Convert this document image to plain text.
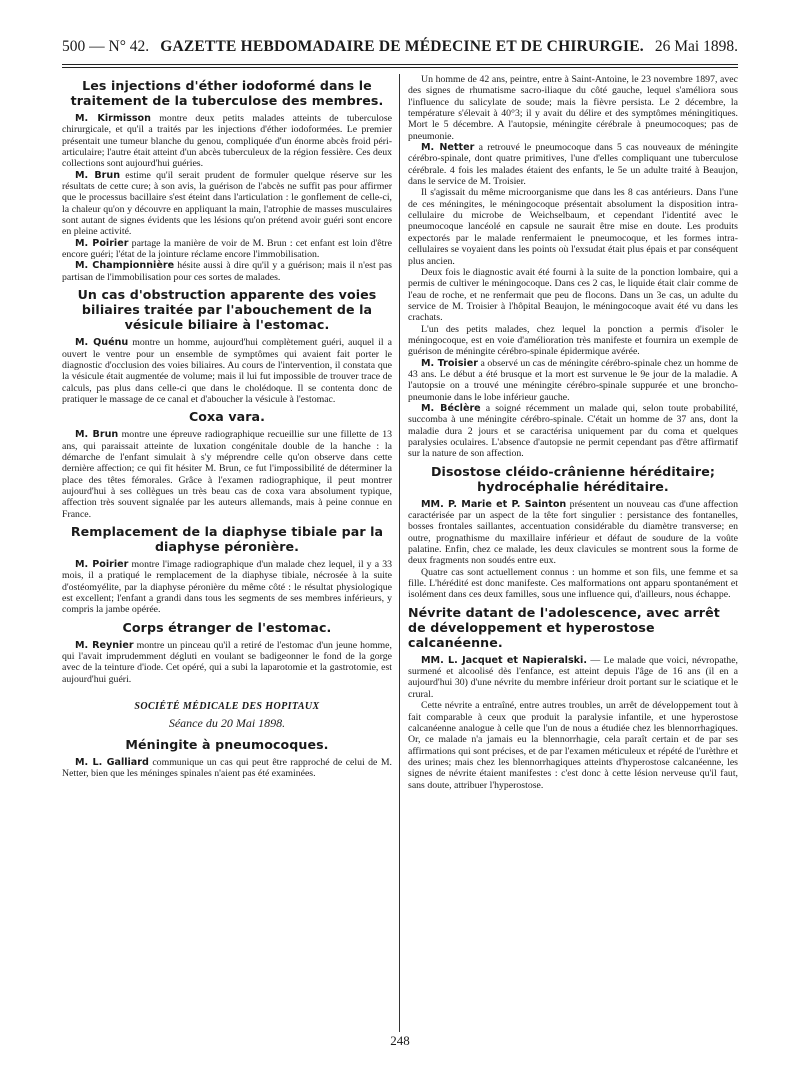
500 — N° 42. GAZETTE HEBDOMADAIRE DE MÉDECINE ET DE CHIRURGIE. 26 Mai 1898.
Les injections d'éther iodoformé dans le traitement de la tuberculose des membres.

M. Kirmisson montre deux petits malades atteints de tuberculose chirurgicale, et qu'il a traités par les injections d'éther iodoformées. Le premier présentait une tumeur blanche du genou, compliquée d'un énorme abcès froid péri-articulaire; l'autre était atteint d'un abcès tuberculeux de la région fessière. Ces deux collections sont aujourd'hui guéries.

M. Brun estime qu'il serait prudent de formuler quelque réserve sur les résultats de cette cure; à son avis, la guérison de l'abcès ne suffit pas pour affirmer que le processus bacillaire s'est éteint dans l'articulation : le gonflement de celle-ci, la chaleur qu'on y découvre en appliquant la main, l'atrophie de masses musculaires sont autant de signes évidents que les lésions qu'on prétend avoir guéri sont encore en pleine activité.

M. Poirier partage la manière de voir de M. Brun : cet enfant est loin d'être encore guéri; l'état de la jointure réclame encore l'immobilisation.

M. Championnière hésite aussi à dire qu'il y a guérison; mais il n'est pas partisan de l'immobilisation pour ces sortes de malades.

Un cas d'obstruction apparente des voies biliaires traitée par l'abouchement de la vésicule biliaire à l'estomac.

M. Quénu montre un homme, aujourd'hui complètement guéri, auquel il a ouvert le ventre pour un ensemble de symptômes qui avaient fait porter le diagnostic d'occlusion des voies biliaires. Au cours de l'intervention, il constata que la vésicule était augmentée de volume; mais il lui fut impossible de trouver trace de calculs, pas plus dans celle-ci que dans le cholédoque. Il se contenta donc de pratiquer le massage de ce canal et d'aboucher la vésicule à l'estomac.

Coxa vara.

M. Brun montre une épreuve radiographique recueillie sur une fillette de 13 ans, qui paraissait atteinte de luxation congénitale double de la hanche : la démarche de l'enfant simulait à s'y méprendre celle qu'on observe dans cette dernière affection; ce qui fit hésiter M. Brun, ce fut l'impossibilité de déterminer la place des têtes fémorales. Grâce à l'examen radiographique, il peut montrer aujourd'hui à ses collègues un très beau cas de coxa vara absolument typique, affection très souvent signalée par les auteurs allemands, mais à peine connue en France.

Remplacement de la diaphyse tibiale par la diaphyse péronière.

M. Poirier montre l'image radiographique d'un malade chez lequel, il y a 33 mois, il a pratiqué le remplacement de la diaphyse tibiale, nécrosée à la suite d'ostéomyélite, par la diaphyse péronière du même côté : le résultat physiologique est excellent; l'enfant a grandi dans tous les segments de ses membres inférieurs, y compris la jambe opérée.

Corps étranger de l'estomac.

M. Reynier montre un pinceau qu'il a retiré de l'estomac d'un jeune homme, qui l'avait imprudemment dégluti en voulant se badigeonner le fond de la gorge avec de la teinture d'iode. Cet opéré, qui a subi la laparotomie et la gastrotomie, est aujourd'hui guéri.

SOCIÉTÉ MÉDICALE DES HOPITAUX
Séance du 20 Mai 1898.
Méningite à pneumocoques.

M. L. Galliard communique un cas qui peut être rapproché de celui de M. Netter, bien que les méninges spinales n'aient pas été examinées.

Un homme de 42 ans, peintre, entre à Saint-Antoine, le 23 novembre 1897, avec des signes de rhumatisme sacro-iliaque du côté gauche, lequel s'améliora sous l'influence du salicylate de soude; mais la fièvre persista. Le 2 décembre, la température s'élevait à 40°3; il y avait du délire et des symptômes méningitiques. Mort le 5 décembre. A l'autopsie, méningite cérébrale à pneumocoques; pas de pneumonie.

M. Netter a retrouvé le pneumocoque dans 5 cas nouveaux de méningite cérébro-spinale, dont quatre primitives, l'une d'elles compliquant une tuberculose cérébrale. 4 fois les malades étaient des enfants, le 5e un adulte traité à Beaujon, dans le service de M. Troisier.

Il s'agissait du même microorganisme que dans les 8 cas antérieurs. Dans l'une de ces méningites, le méningocoque présentait absolument la disposition intra-cellulaire du microbe de Weichselbaum, et cependant l'identité avec le pneumocoque lancéolé en capsule ne saurait être mise en doute. Les produits expectorés par le malade renfermaient le pneumocoque, et les formes intra-cellulaires se voyaient dans les points où l'exsudat était plus épais et par conséquent plus ancien.

Deux fois le diagnostic avait été fourni à la suite de la ponction lombaire, qui a permis de cultiver le méningocoque. Dans ces 2 cas, le liquide était clair comme de l'eau de roche, et ne renfermait que peu de flocons. Dans un 3e cas, un adulte du service de M. Troisier à l'hôpital Beaujon, le méningocoque avait été vu dans les crachats.

L'un des petits malades, chez lequel la ponction a permis d'isoler le méningocoque, est en voie d'amélioration très manifeste et fournira un exemple de guérison de méningite cérébro-spinale épidermique avérée.

M. Troisier a observé un cas de méningite cérébro-spinale chez un homme de 43 ans. Le début a été brusque et la mort est survenue le 9e jour de la maladie. A l'autopsie on a trouvé une méningite cérébro-spinale suppurée et une broncho-pneumonie dans le lobe inférieur gauche.

M. Béclère a soigné récemment un malade qui, selon toute probabilité, succomba à une méningite cérébro-spinale. C'était un homme de 37 ans, dont la maladie dura 2 jours et se caractérisa uniquement par du coma et quelques paralysies oculaires. L'absence d'autopsie ne permit cependant pas d'être affirmatif sur la nature de son affection.

Disostose cléido-crânienne héréditaire; hydrocéphalie héréditaire.

MM. P. Marie et P. Sainton présentent un nouveau cas d'une affection caractérisée par un aspect de la tête fort singulier : persistance des fontanelles, bosses frontales saillantes, accentuation considérable du diamètre transverse; en outre, prognathisme du maxillaire inférieur et défaut de soudure de la voûte palatine. Enfin, chez ce malade, les deux clavicules se montrent sous la forme de deux fragments non soudés entre eux.

Quatre cas sont actuellement connus : un homme et son fils, une femme et sa fille. L'hérédité est donc manifeste. Ces malformations ont apparu spontanément et isolément dans ces deux familles, sous une influence qui, d'ailleurs, nous échappe.

Névrite datant de l'adolescence, avec arrêt de développement et hyperostose calcanéenne.

MM. L. Jacquet et Napieralski. — Le malade que voici, névropathe, surmené et alcoolisé dès l'enfance, est atteint depuis l'âge de 16 ans (il en a aujourd'hui 30) d'une névrite du membre inférieur droit portant sur le sciatique et le crural.

Cette névrite a entraîné, entre autres troubles, un arrêt de développement tout à fait comparable à ceux que produit la paralysie infantile, et une hyperostose calcanéenne analogue à celle que l'un de nous a étudiée chez les blennorrhagiques. Or, ce malade n'a jamais eu la blennorrhagie, cela paraît certain et de par ses affirmations qui sont précises, et de par l'examen méticuleux et répété de l'urèthre et des urines; mais chez les blennorrhagiques atteints d'hyperostose calcanéenne, les signes de névrite étaient manifestes : c'est donc à cette lésion nerveuse qu'il faut, sans doute, attribuer l'hyperostose.

248
